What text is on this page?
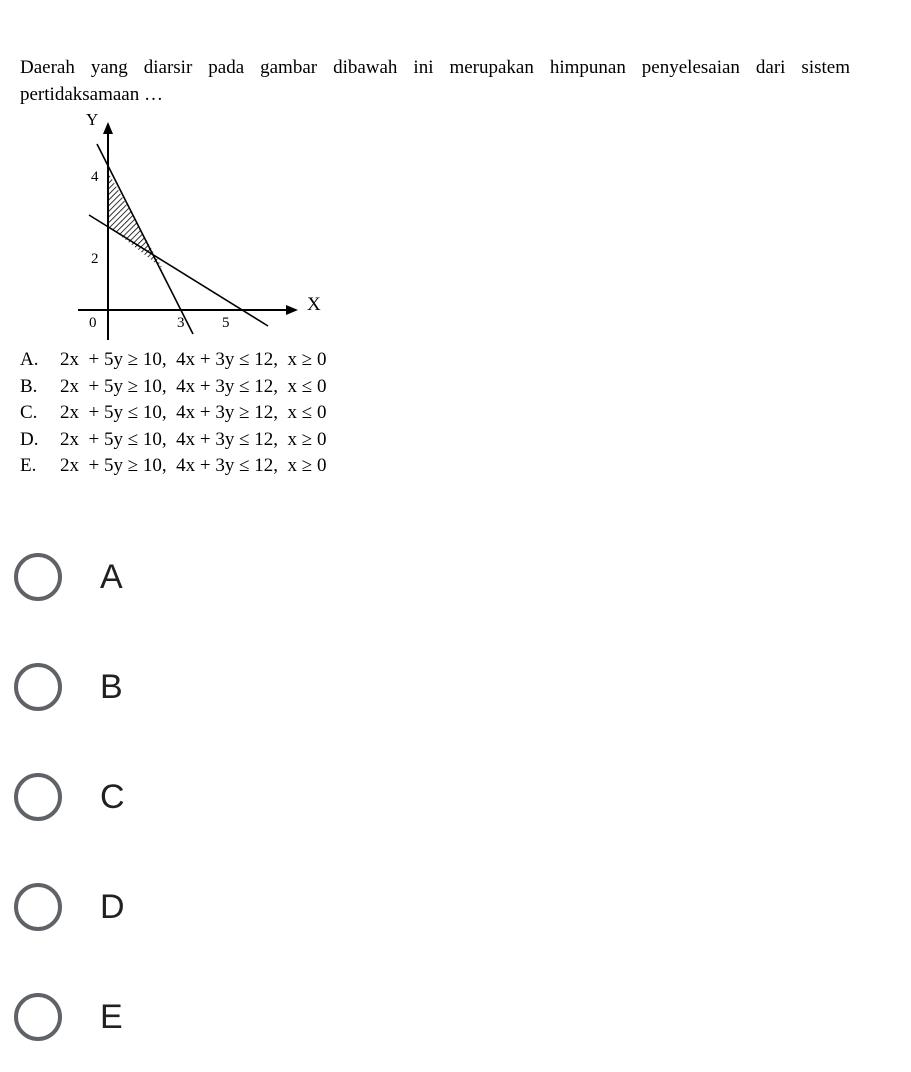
Daerah yang diarsir pada gambar dibawah ini merupakan himpunan penyelesaian dari sistem pertidaksamaan …

Y
X
4
2
0	3	5
A.	2x  + 5y ≥ 10,  4x + 3y ≤ 12,  x ≥ 0
B.	2x  + 5y ≥ 10,  4x + 3y ≤ 12,  x ≤ 0
C.	2x  + 5y ≤ 10,  4x + 3y ≥ 12,  x ≤ 0
D.	2x  + 5y ≤ 10,  4x + 3y ≤ 12,  x ≥ 0
E.	2x  + 5y ≥ 10,  4x + 3y ≤ 12,  x ≥ 0
A
B
C
D
E
